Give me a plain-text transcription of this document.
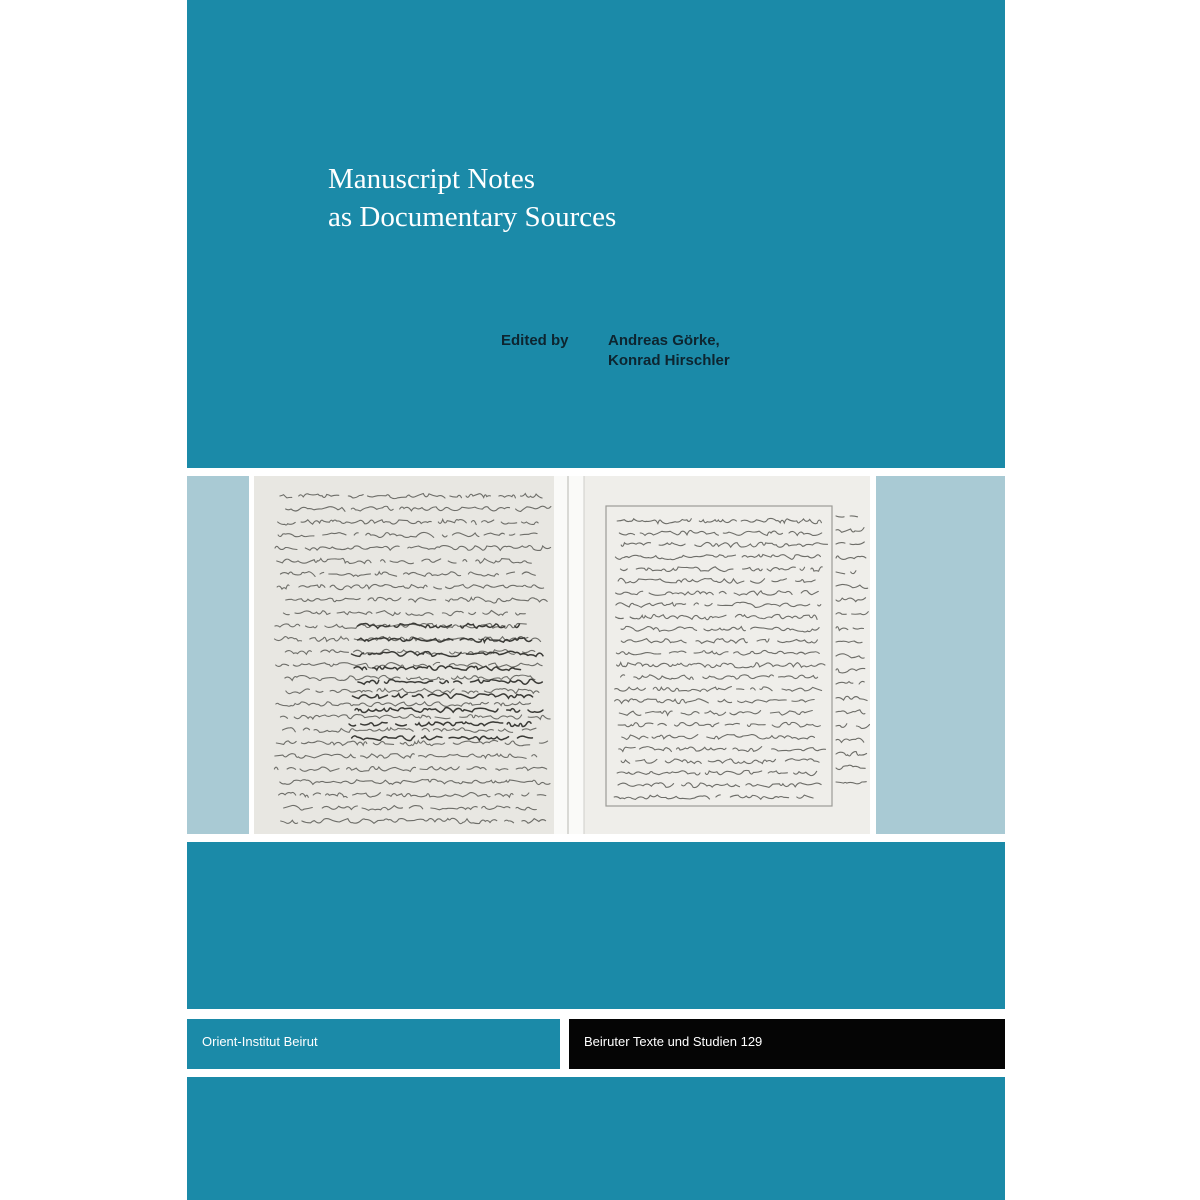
Manuscript Notes
as Documentary Sources
Edited by	Andreas Görke,
Konrad Hirschler
Orient-Institut Beirut	Beiruter Texte und Studien 129
